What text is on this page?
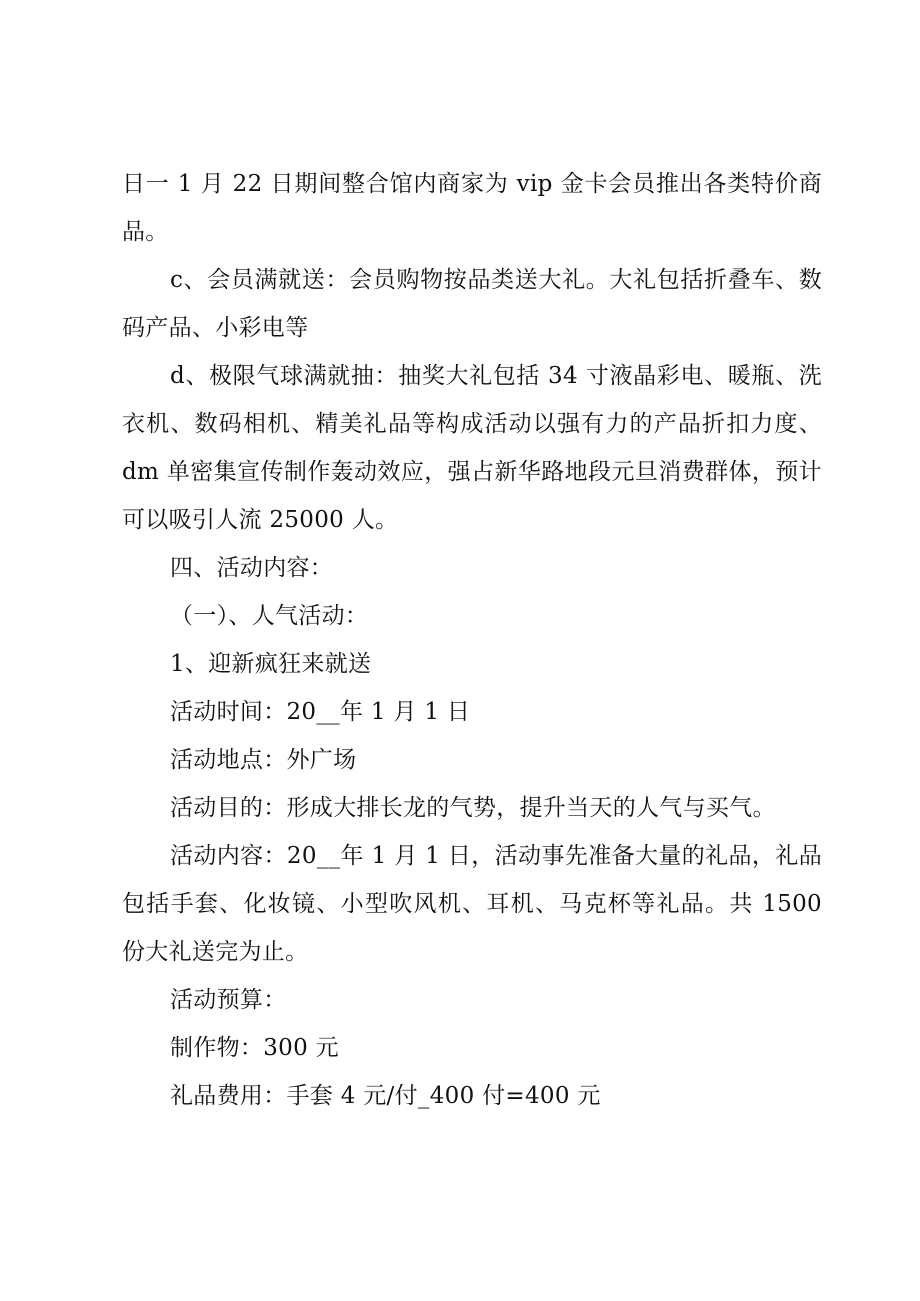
日一 1 月 22 日期间整合馆内商家为 vip 金卡会员推出各类特价商品。

c、会员满就送：会员购物按品类送大礼。大礼包括折叠车、数码产品、小彩电等

d、极限气球满就抽：抽奖大礼包括 34 寸液晶彩电、暖瓶、洗衣机、数码相机、精美礼品等构成活动以强有力的产品折扣力度、dm 单密集宣传制作轰动效应，强占新华路地段元旦消费群体，预计可以吸引人流 25000 人。

四、活动内容：

（一）、人气活动：

1、迎新疯狂来就送

活动时间：20__年 1 月 1 日

活动地点：外广场

活动目的：形成大排长龙的气势，提升当天的人气与买气。

活动内容：20__年 1 月 1 日，活动事先准备大量的礼品，礼品包括手套、化妆镜、小型吹风机、耳机、马克杯等礼品。共 1500 份大礼送完为止。

活动预算：

制作物：300 元

礼品费用：手套 4 元/付_400 付=400 元
